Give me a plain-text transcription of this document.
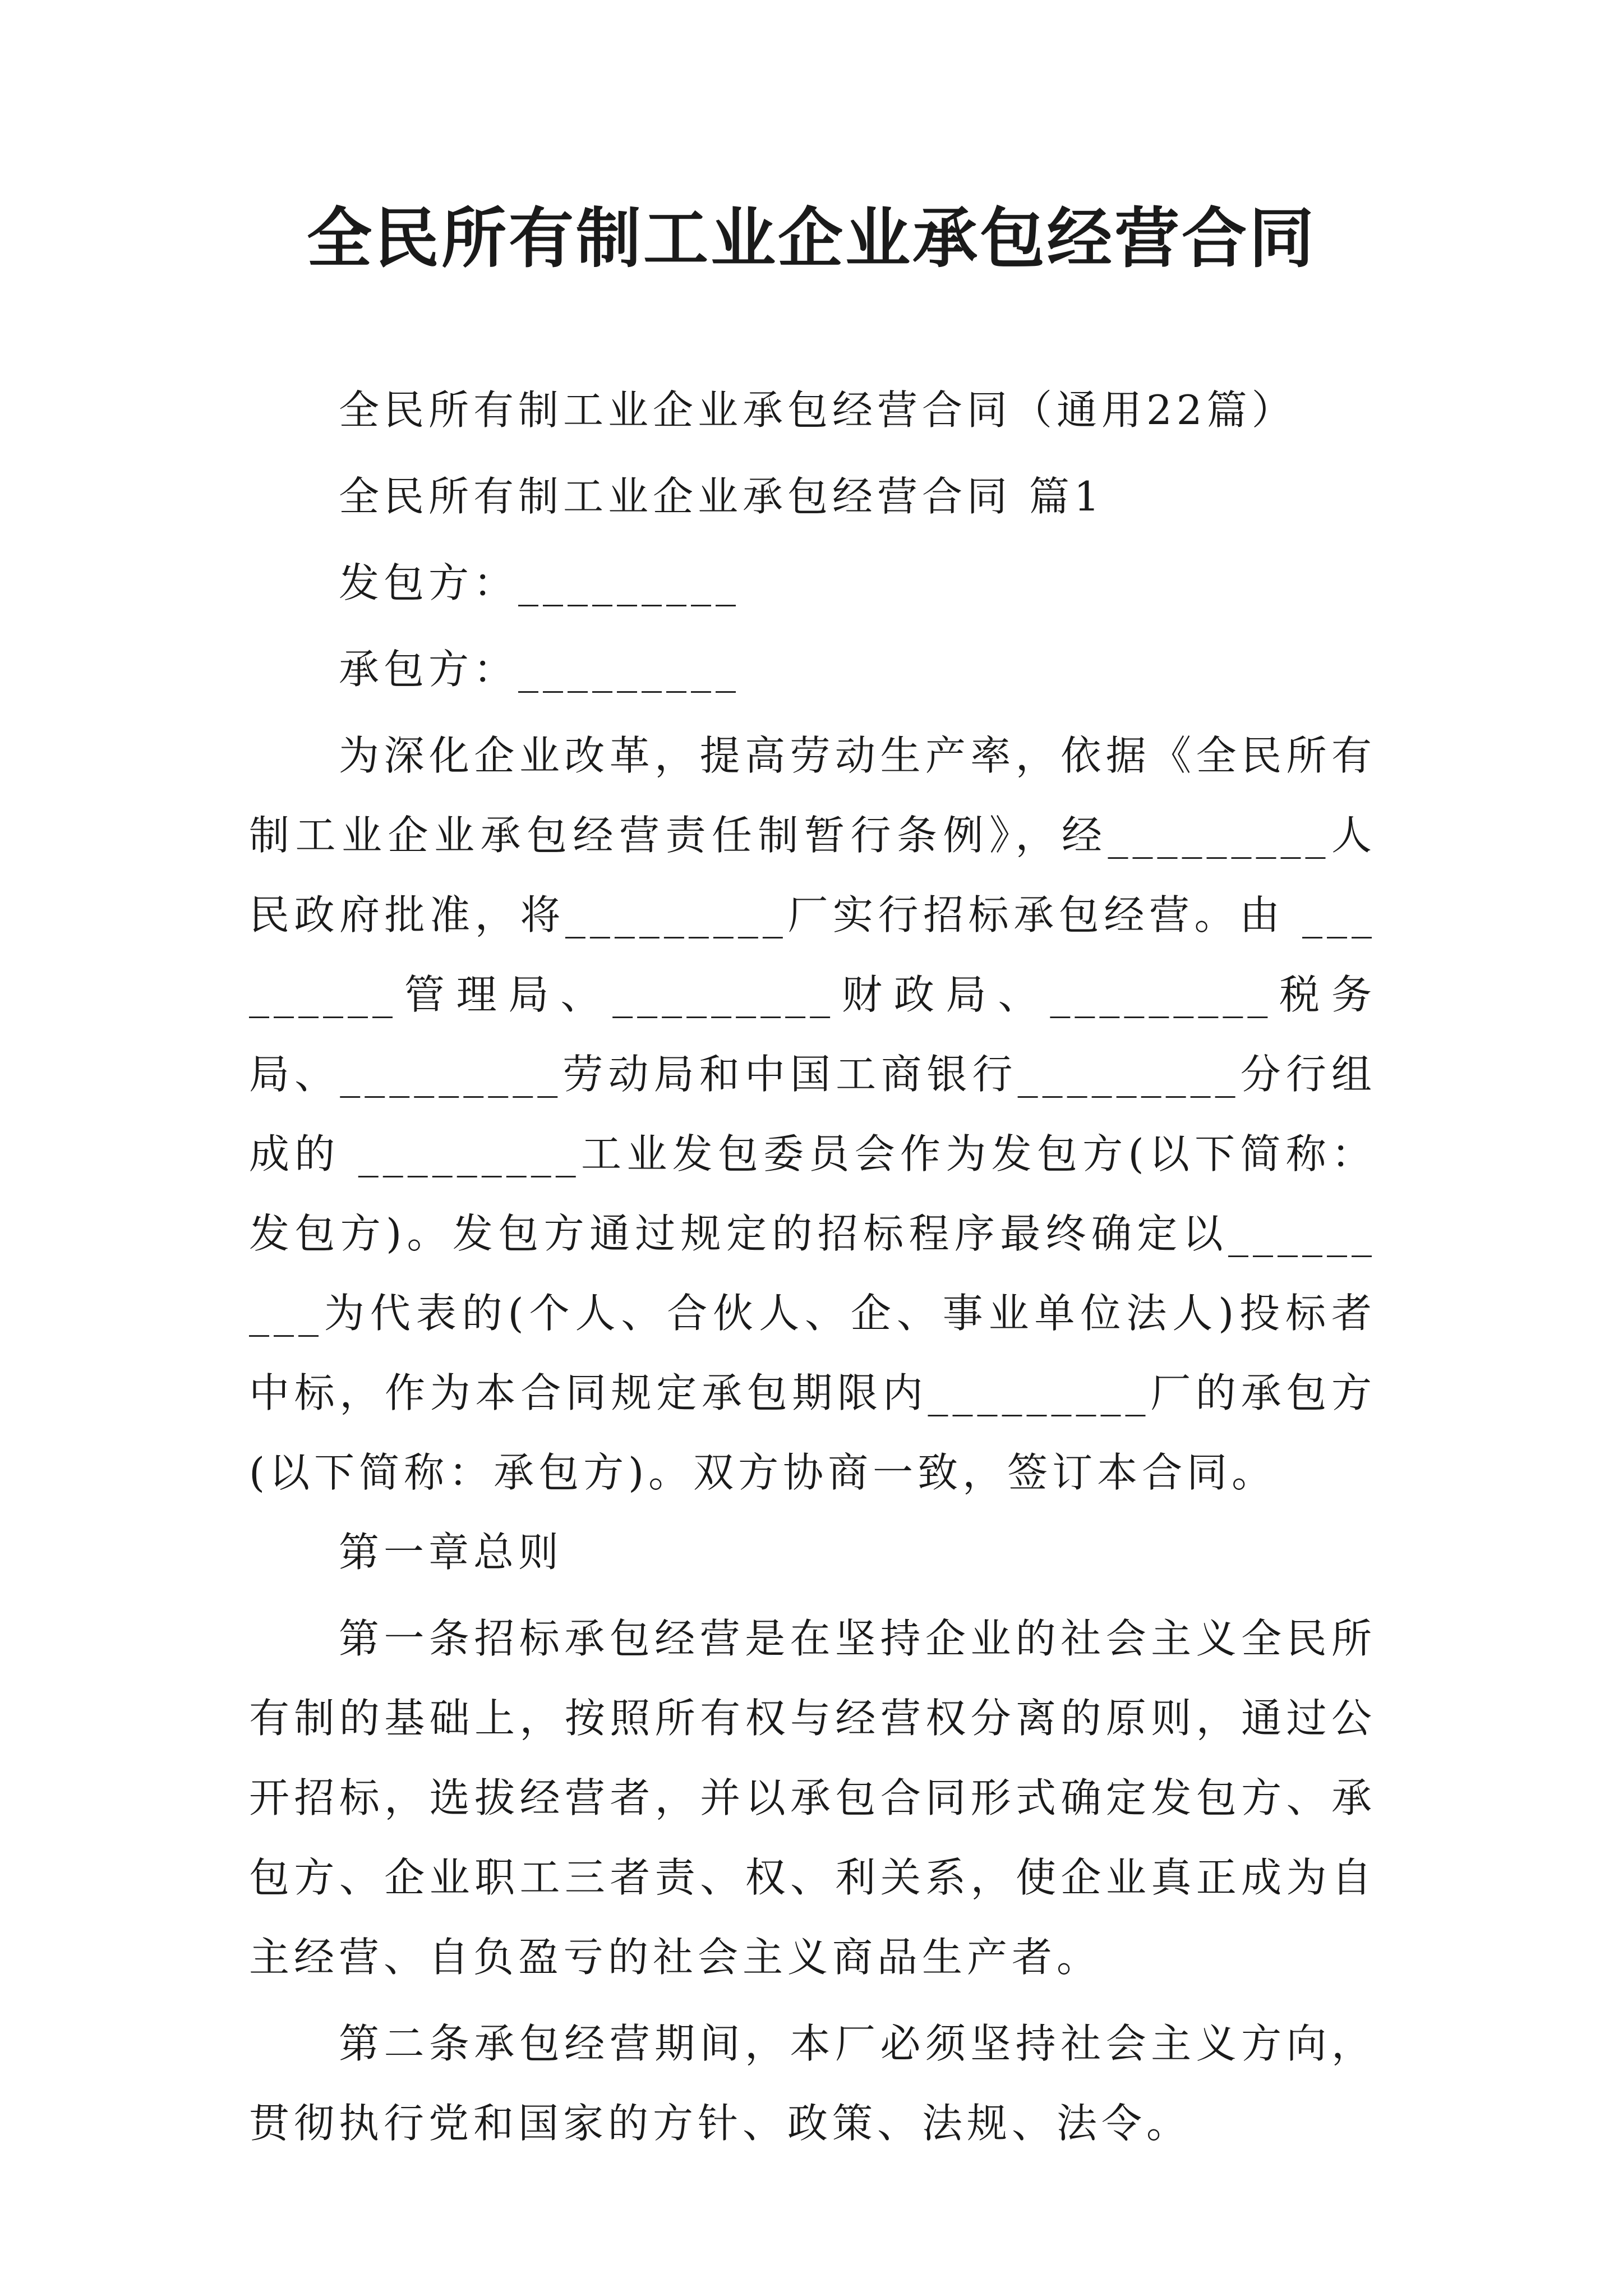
全民所有制工业企业承包经营合同

全民所有制工业企业承包经营合同（通用22篇）

全民所有制工业企业承包经营合同 篇1

发包方：_________

承包方：_________

为深化企业改革，提高劳动生产率，依据《全民所有制工业企业承包经营责任制暂行条例》，经_________人民政府批准，将_________厂实行招标承包经营。由 _________管理局、_________财政局、_________税务局、_________劳动局和中国工商银行_________分行组成的 _________工业发包委员会作为发包方(以下简称：发包方)。发包方通过规定的招标程序最终确定以_________为代表的(个人、合伙人、企、事业单位法人)投标者中标，作为本合同规定承包期限内_________厂的承包方(以下简称：承包方)。双方协商一致，签订本合同。

第一章总则

第一条招标承包经营是在坚持企业的社会主义全民所有制的基础上，按照所有权与经营权分离的原则，通过公开招标，选拔经营者，并以承包合同形式确定发包方、承包方、企业职工三者责、权、利关系，使企业真正成为自主经营、自负盈亏的社会主义商品生产者。

第二条承包经营期间，本厂必须坚持社会主义方向，贯彻执行党和国家的方针、政策、法规、法令。
